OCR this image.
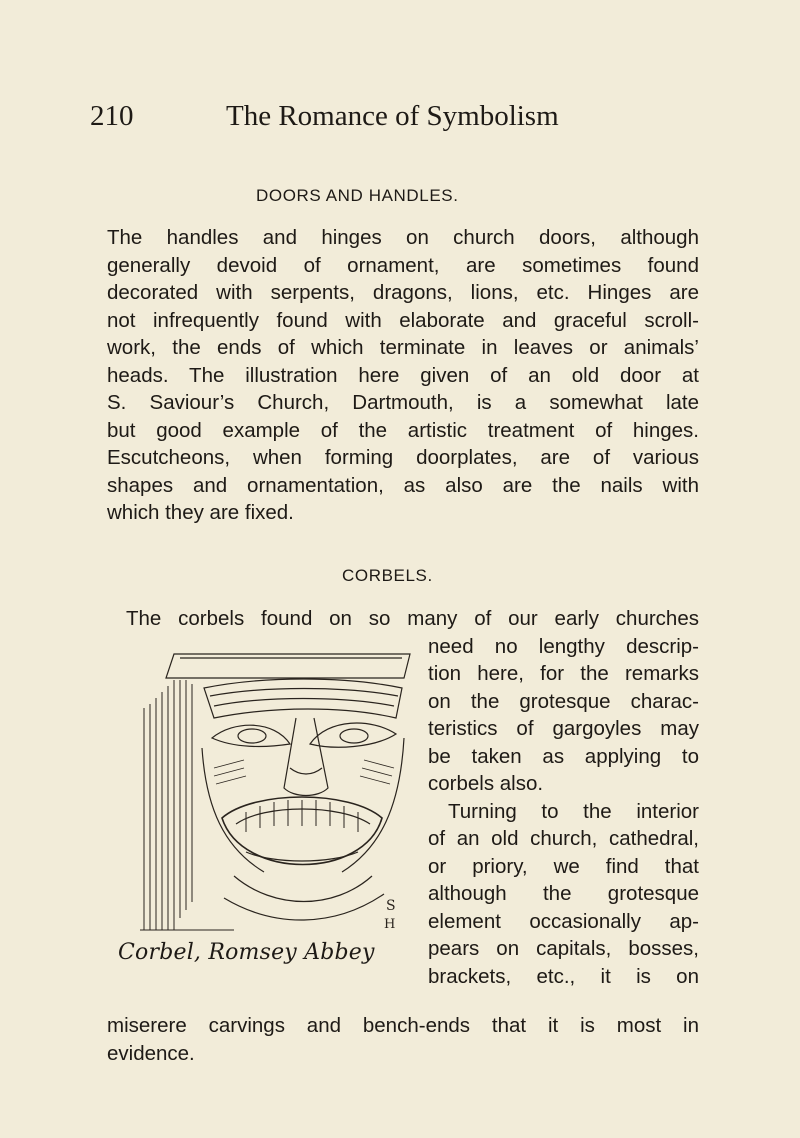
210	The Romance of Symbolism
DOORS AND HANDLES.
The handles and hinges on church doors, although
generally devoid of ornament, are sometimes found
decorated with serpents, dragons, lions, etc. Hinges are
not infrequently found with elaborate and graceful scroll-
work, the ends of which terminate in leaves or animals’
heads. The illustration here given of an old door at
S. Saviour’s Church, Dartmouth, is a somewhat late
but good example of the artistic treatment of hinges.
Escutcheons, when forming doorplates, are of various
shapes and ornamentation, as also are the nails with
which they are fixed.
CORBELS.
The corbels found on so many of our early churches
need no lengthy descrip-
tion here, for the remarks
on the grotesque charac-
teristics of gargoyles may
be taken as applying to
corbels also.
Turning to the interior
of an old church, cathedral,
or priory, we find that
although the grotesque
element occasionally ap-
pears on capitals, bosses,
brackets, etc., it is on
miserere carvings and bench-ends that it is most in
evidence.
S
H
Corbel, Romsey Abbey
